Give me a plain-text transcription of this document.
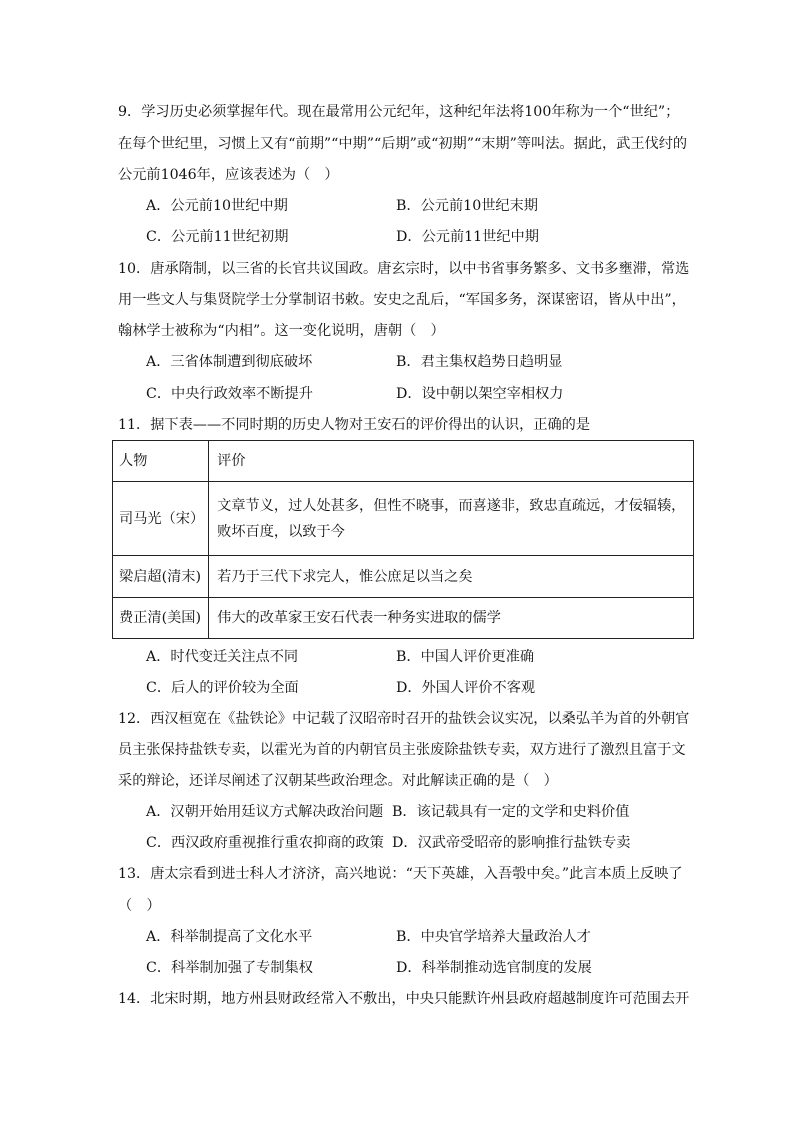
9．学习历史必须掌握年代。现在最常用公元纪年，这种纪年法将100年称为一个“世纪”；
在每个世纪里，习惯上又有“前期”“中期”“后期”或“初期”“末期”等叫法。据此，武王伐纣的
公元前1046年，应该表述为（　）
A．公元前10世纪中期	B．公元前10世纪末期
C．公元前11世纪初期	D．公元前11世纪中期
10．唐承隋制，以三省的长官共议国政。唐玄宗时，以中书省事务繁多、文书多壅滞，常选
用一些文人与集贤院学士分掌制诏书敕。安史之乱后，“军国多务，深谋密诏，皆从中出”，
翰林学士被称为“内相”。这一变化说明，唐朝（　）
A．三省体制遭到彻底破坏	B．君主集权趋势日趋明显
C．中央行政效率不断提升	D．设中朝以架空宰相权力
11．据下表——不同时期的历史人物对王安石的评价得出的认识，正确的是
人物	评价
司马光（宋）	文章节义，过人处甚多，但性不晓事，而喜遂非，致忠直疏远，才佞辐辏，
败坏百度，以致于今

梁启超(清末)	若乃于三代下求完人，惟公庶足以当之矣
费正清(美国)	伟大的改革家王安石代表一种务实进取的儒学
A．时代变迁关注点不同	B．中国人评价更准确
C．后人的评价较为全面	D．外国人评价不客观
12．西汉桓宽在《盐铁论》中记载了汉昭帝时召开的盐铁会议实况，以桑弘羊为首的外朝官
员主张保持盐铁专卖，以霍光为首的内朝官员主张废除盐铁专卖，双方进行了激烈且富于文
采的辩论，还详尽阐述了汉朝某些政治理念。对此解读正确的是（　）
A．汉朝开始用廷议方式解决政治问题 B．该记载具有一定的文学和史料价值
C．西汉政府重视推行重农抑商的政策 D．汉武帝受昭帝的影响推行盐铁专卖
13．唐太宗看到进士科人才济济，高兴地说：“天下英雄，入吾彀中矣。”此言本质上反映了
（　）
A．科举制提高了文化水平	B．中央官学培养大量政治人才
C．科举制加强了专制集权	D．科举制推动选官制度的发展
14．北宋时期，地方州县财政经常入不敷出，中央只能默许州县政府超越制度许可范围去开
